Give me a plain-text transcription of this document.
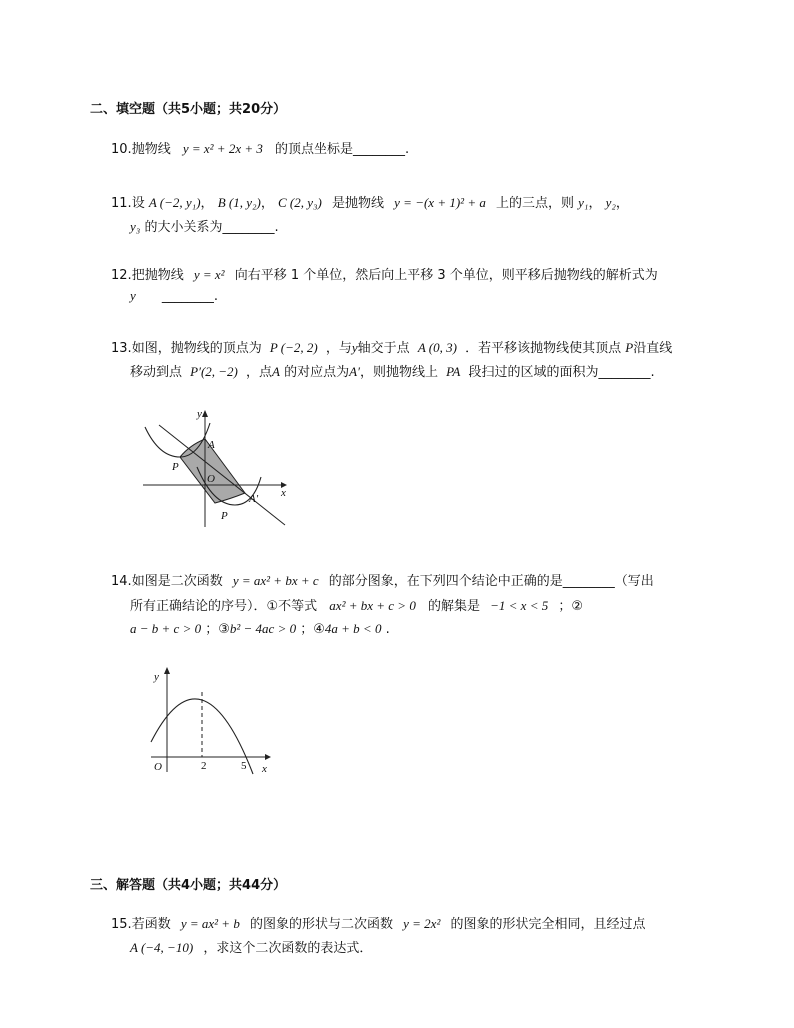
二、填空题（共5小题；共20分）
10.抛物线 y = x² + 2x + 3 的顶点坐标是________.
11.设 A (−2, y₁)， B (1, y₂)， C (2, y₃) 是抛物线 y = −(x + 1)² + a 上的三点，则 y₁， y₂，
y₃ 的大小关系为________.
12.把抛物线 y = x² 向右平移 1 个单位，然后向上平移 3 个单位，则平移后抛物线的解析式为
y ________.
13.如图，抛物线的顶点为 P (−2, 2) ，与y轴交于点 A (0, 3) ．若平移该抛物线使其顶点 P沿直线
移动到点 P′(2, −2) ，点A 的对应点为A′，则抛物线上 PA 段扫过的区域的面积为________.
y
x
A
O
P
P
A′
14.如图是二次函数 y = ax² + bx + c 的部分图象，在下列四个结论中正确的是________（写出
所有正确结论的序号）．①不等式 ax² + bx + c > 0 的解集是 −1 < x < 5 ；②
a − b + c > 0 ；③b² − 4ac > 0 ；④4a + b < 0 .
y
x
O	2	5
三、解答题（共4小题；共44分）
15.若函数 y = ax² + b 的图象的形状与二次函数 y = 2x² 的图象的形状完全相同，且经过点
A (−4, −10) ，求这个二次函数的表达式．
